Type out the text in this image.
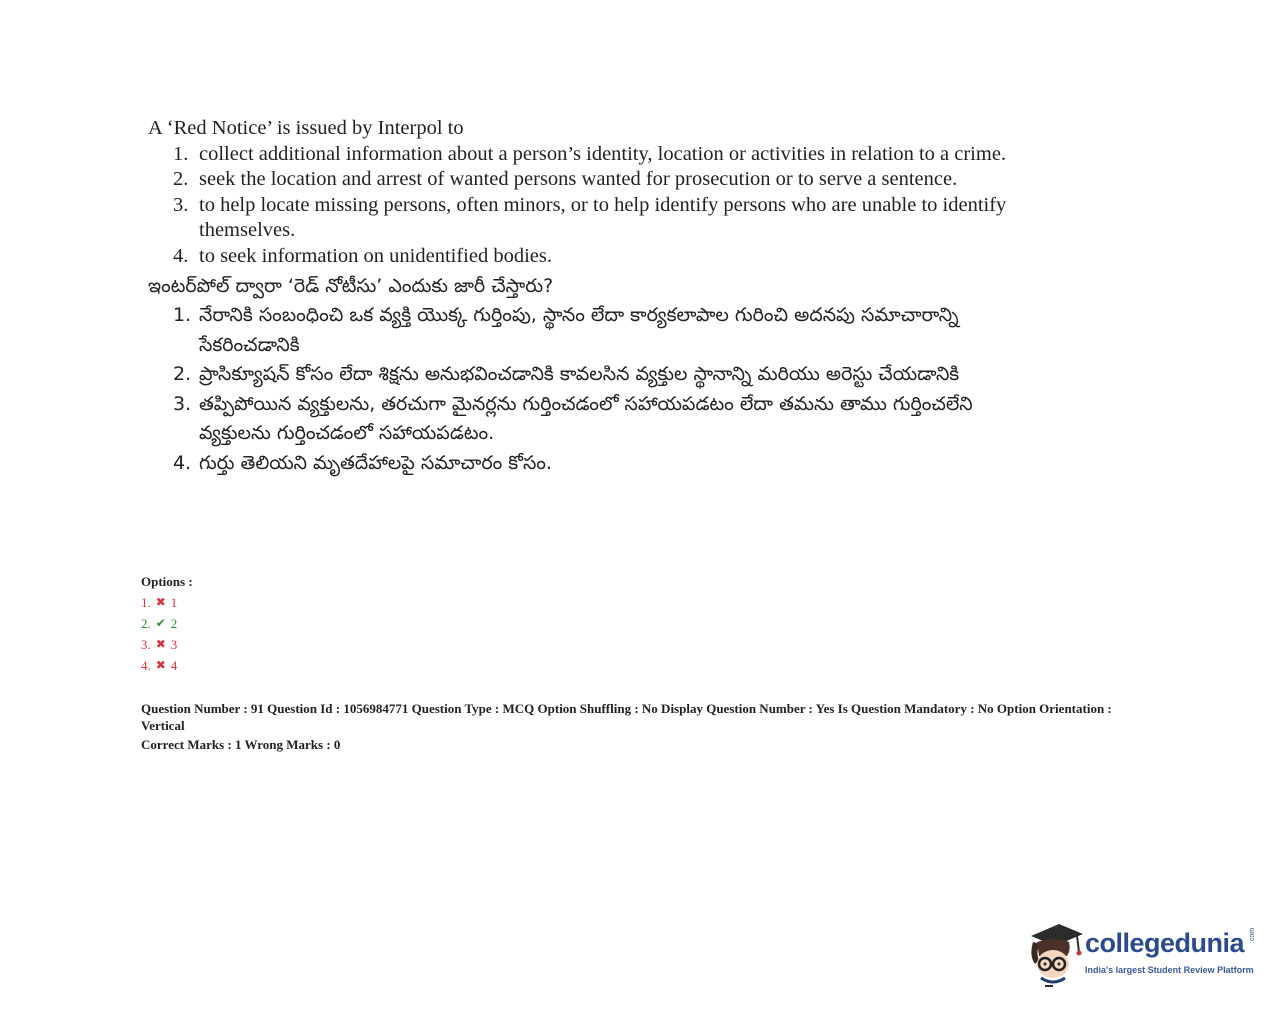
A ‘Red Notice’ is issued by Interpol to
1. collect additional information about a person’s identity, location or activities in relation to a crime.
2. seek the location and arrest of wanted persons wanted for prosecution or to serve a sentence.
3. to help locate missing persons, often minors, or to help identify persons who are unable to identify themselves.
4. to seek information on unidentified bodies.
ఇంటర్‌పోల్ ద్వారా ‘రెడ్ నోటీసు’ ఎందుకు జారీ చేస్తారు?
1. నేరానికి సంబంధించి ఒక వ్యక్తి యొక్క గుర్తింపు, స్థానం లేదా కార్యకలాపాల గురించి అదనపు సమాచారాన్ని సేకరించడానికి
2. ప్రాసిక్యూషన్ కోసం లేదా శిక్షను అనుభవించడానికి కావలసిన వ్యక్తుల స్థానాన్ని మరియు అరెస్టు చేయడానికి
3. తప్పిపోయిన వ్యక్తులను, తరచుగా మైనర్లను గుర్తించడంలో సహాయపడటం లేదా తమను తాము గుర్తించలేని వ్యక్తులను గుర్తించడంలో సహాయపడటం.
4. గుర్తు తెలియని మృతదేహాలపై సమాచారం కోసం.
Options :
1. ✖ 1
2. ✔ 2
3. ✖ 3
4. ✖ 4
Question Number : 91 Question Id : 1056984771 Question Type : MCQ Option Shuffling : No Display Question Number : Yes Is Question Mandatory : No Option Orientation : Vertical
Correct Marks : 1 Wrong Marks : 0
collegedunia .com
India's largest Student Review Platform
